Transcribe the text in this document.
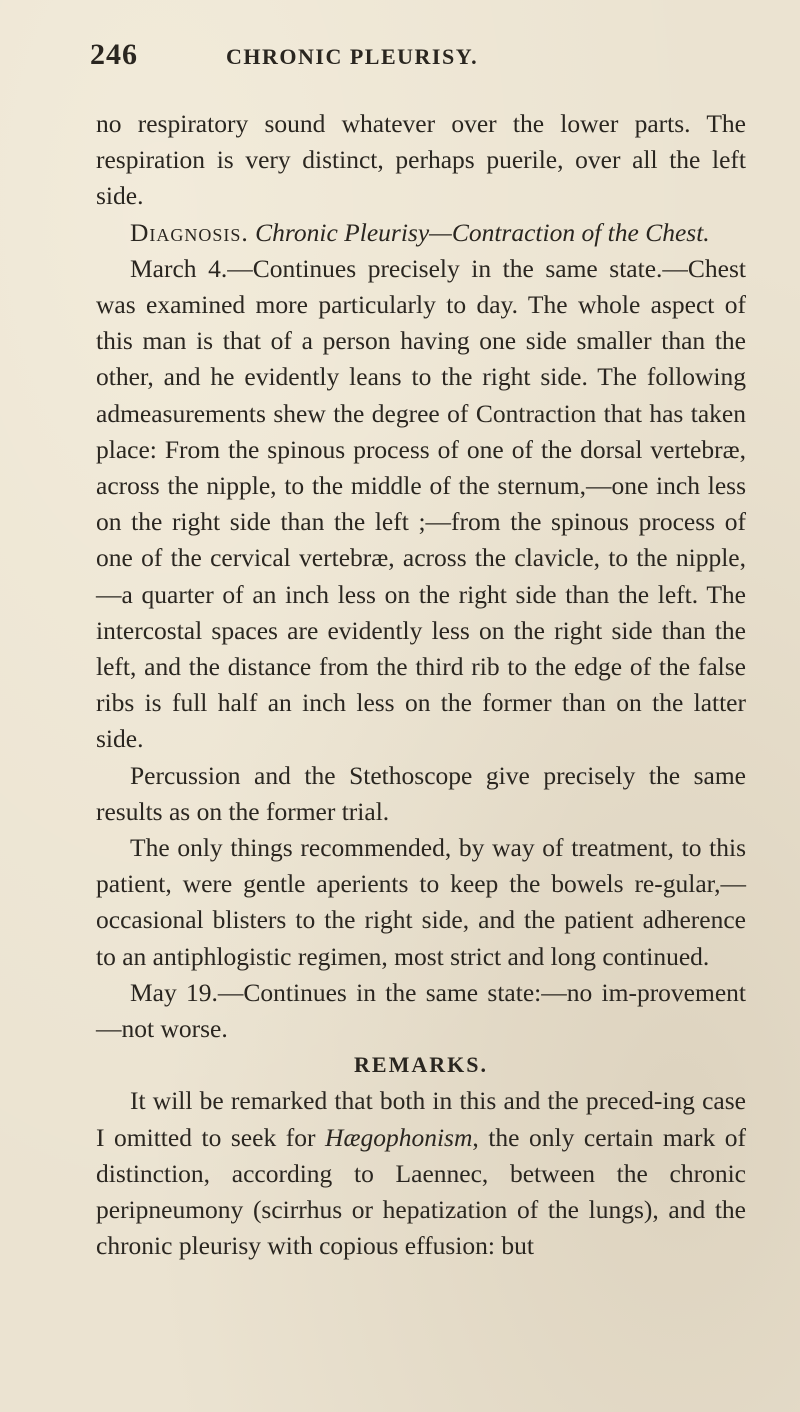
246	CHRONIC PLEURISY.

no respiratory sound whatever over the lower parts. The respiration is very distinct, perhaps puerile, over all the left side.

Diagnosis. Chronic Pleurisy—Contraction of the Chest.

March 4.—Continues precisely in the same state.—Chest was examined more particularly to day. The whole aspect of this man is that of a person having one side smaller than the other, and he evidently leans to the right side. The following admeasurements shew the degree of Contraction that has taken place: From the spinous process of one of the dorsal vertebræ, across the nipple, to the middle of the sternum,—one inch less on the right side than the left ;—from the spinous process of one of the cervical vertebræ, across the clavicle, to the nipple,—a quarter of an inch less on the right side than the left. The intercostal spaces are evidently less on the right side than the left, and the distance from the third rib to the edge of the false ribs is full half an inch less on the former than on the latter side.

Percussion and the Stethoscope give precisely the same results as on the former trial.

The only things recommended, by way of treatment, to this patient, were gentle aperients to keep the bowels re-gular,—occasional blisters to the right side, and the patient adherence to an antiphlogistic regimen, most strict and long continued.

May 19.—Continues in the same state:—no im-provement—not worse.

REMARKS.

It will be remarked that both in this and the preced-ing case I omitted to seek for Hægophonism, the only certain mark of distinction, according to Laennec, between the chronic peripneumony (scirrhus or hepatization of the lungs), and the chronic pleurisy with copious effusion: but
